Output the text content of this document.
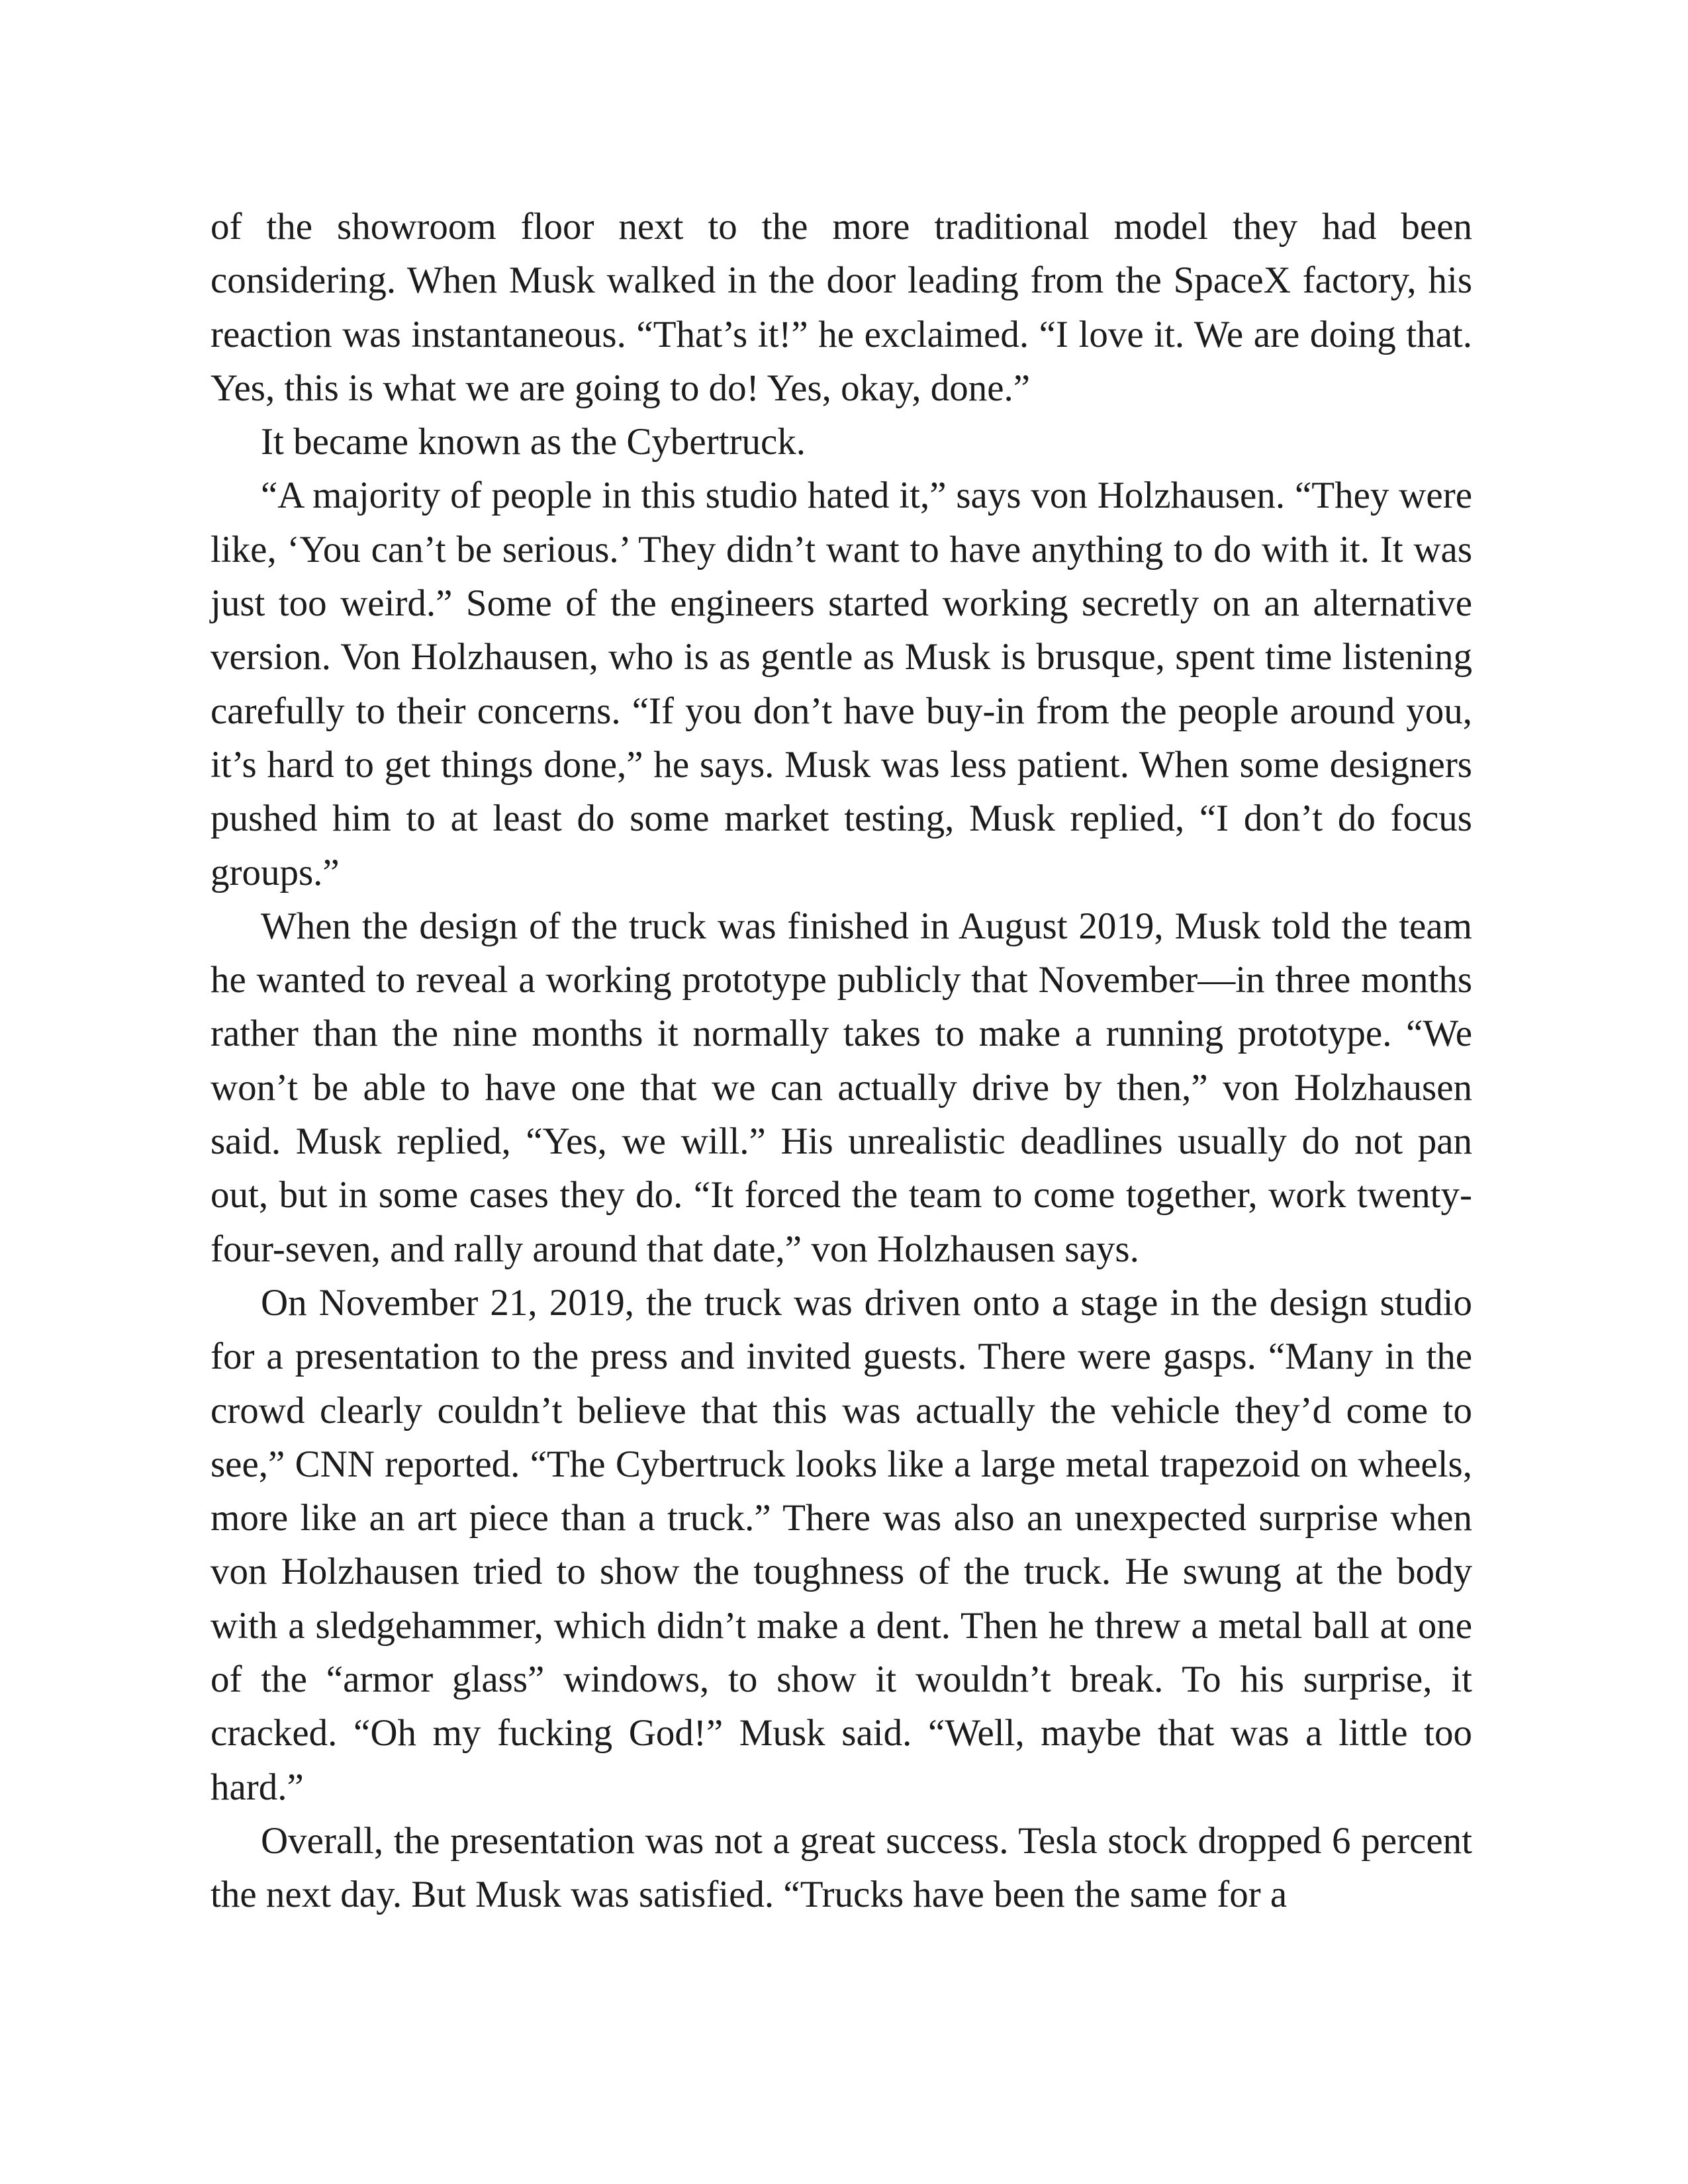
of the showroom floor next to the more traditional model they had been considering. When Musk walked in the door leading from the SpaceX factory, his reaction was instantaneous. “That’s it!” he exclaimed. “I love it. We are doing that. Yes, this is what we are going to do! Yes, okay, done.”

It became known as the Cybertruck.

“A majority of people in this studio hated it,” says von Holzhausen. “They were like, ‘You can’t be serious.’ They didn’t want to have anything to do with it. It was just too weird.” Some of the engineers started working secretly on an alternative version. Von Holzhausen, who is as gentle as Musk is brusque, spent time listening carefully to their concerns. “If you don’t have buy-in from the people around you, it’s hard to get things done,” he says. Musk was less patient. When some designers pushed him to at least do some market testing, Musk replied, “I don’t do focus groups.”

When the design of the truck was finished in August 2019, Musk told the team he wanted to reveal a working prototype publicly that November—in three months rather than the nine months it normally takes to make a running prototype. “We won’t be able to have one that we can actually drive by then,” von Holzhausen said. Musk replied, “Yes, we will.” His unrealistic deadlines usually do not pan out, but in some cases they do. “It forced the team to come together, work twenty-four-seven, and rally around that date,” von Holzhausen says.

On November 21, 2019, the truck was driven onto a stage in the design studio for a presentation to the press and invited guests. There were gasps. “Many in the crowd clearly couldn’t believe that this was actually the vehicle they’d come to see,” CNN reported. “The Cybertruck looks like a large metal trapezoid on wheels, more like an art piece than a truck.” There was also an unexpected surprise when von Holzhausen tried to show the toughness of the truck. He swung at the body with a sledgehammer, which didn’t make a dent. Then he threw a metal ball at one of the “armor glass” windows, to show it wouldn’t break. To his surprise, it cracked. “Oh my fucking God!” Musk said. “Well, maybe that was a little too hard.”

Overall, the presentation was not a great success. Tesla stock dropped 6 percent the next day. But Musk was satisfied. “Trucks have been the same for a
